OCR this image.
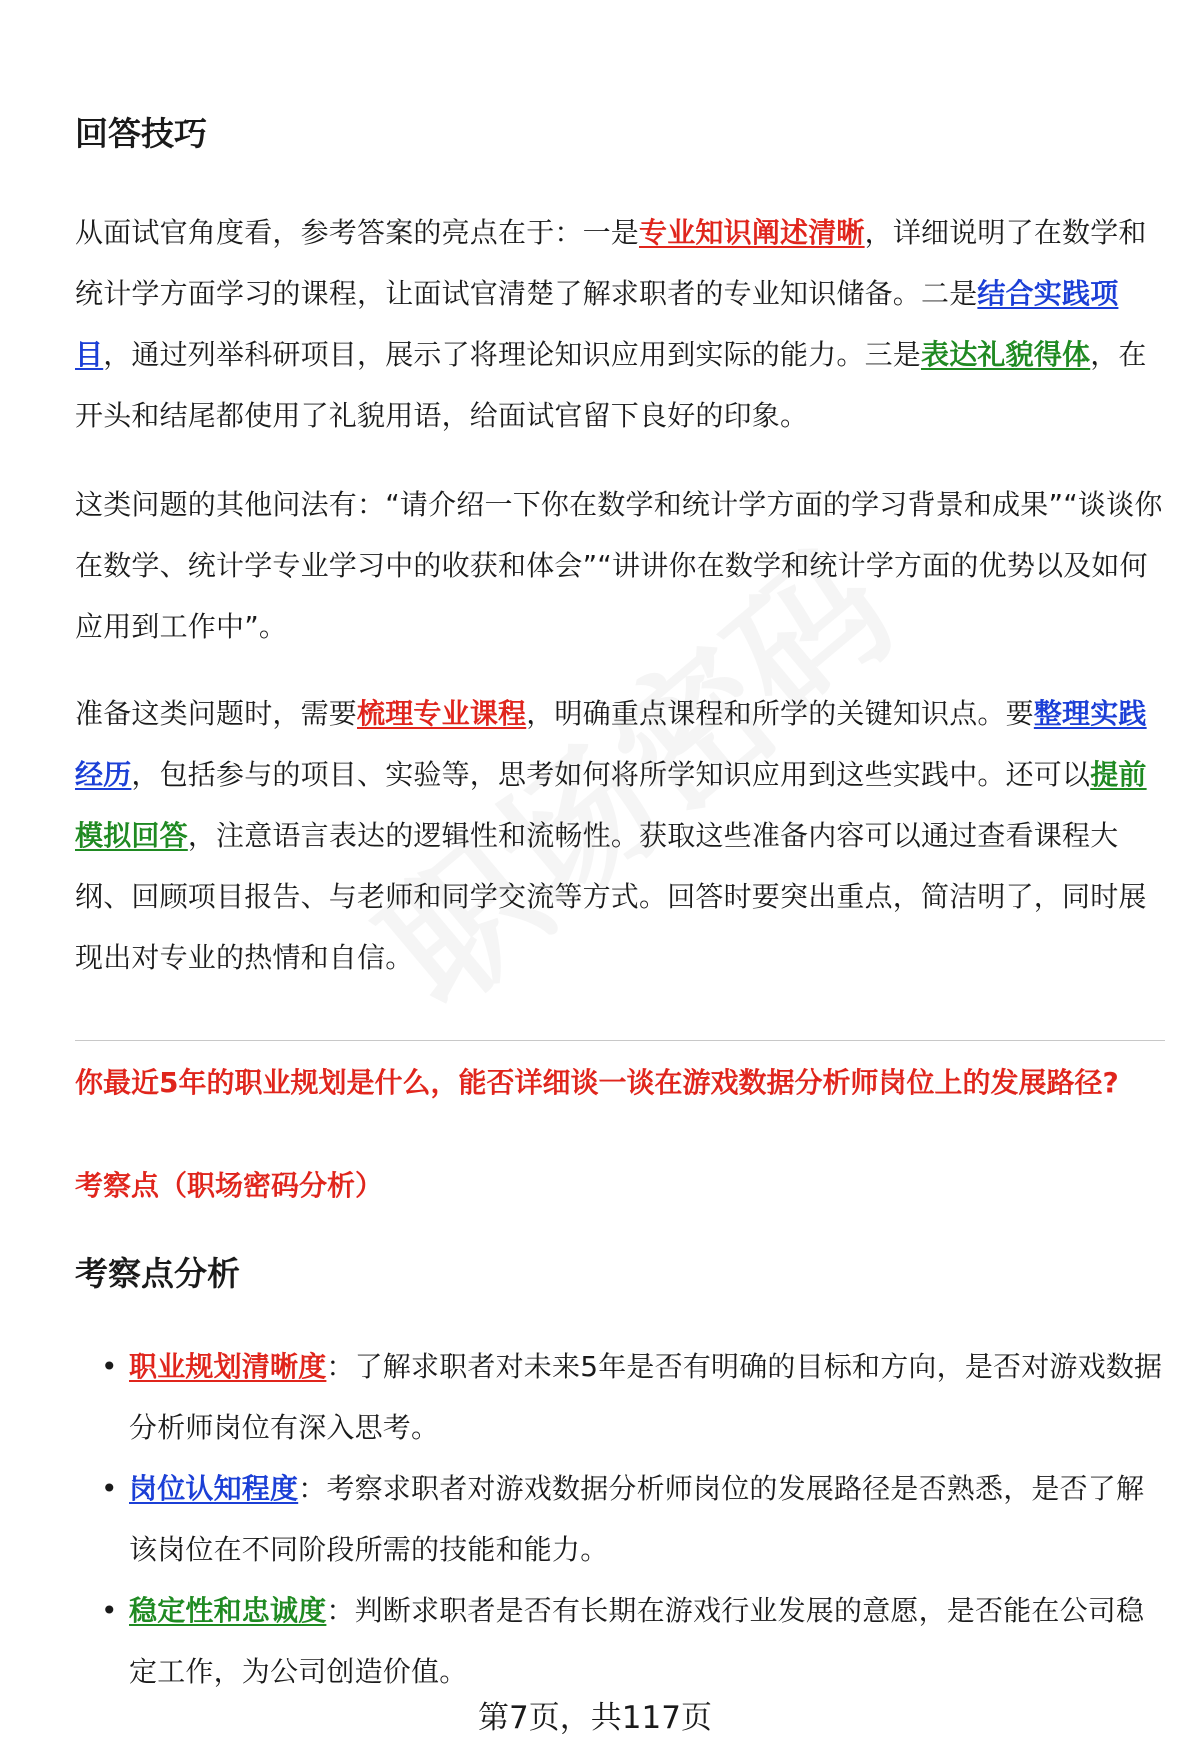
回答技巧

从面试官角度看，参考答案的亮点在于：一是专业知识阐述清晰，详细说明了在数学和统计学方面学习的课程，让面试官清楚了解求职者的专业知识储备。二是结合实践项目，通过列举科研项目，展示了将理论知识应用到实际的能力。三是表达礼貌得体，在开头和结尾都使用了礼貌用语，给面试官留下良好的印象。

这类问题的其他问法有：“请介绍一下你在数学和统计学方面的学习背景和成果”“谈谈你在数学、统计学专业学习中的收获和体会”“讲讲你在数学和统计学方面的优势以及如何应用到工作中”。

准备这类问题时，需要梳理专业课程，明确重点课程和所学的关键知识点。要整理实践经历，包括参与的项目、实验等，思考如何将所学知识应用到这些实践中。还可以提前模拟回答，注意语言表达的逻辑性和流畅性。获取这些准备内容可以通过查看课程大纲、回顾项目报告、与老师和同学交流等方式。回答时要突出重点，简洁明了，同时展现出对专业的热情和自信。

你最近5年的职业规划是什么，能否详细谈一谈在游戏数据分析师岗位上的发展路径?

考察点（职场密码分析）

考察点分析
• 职业规划清晰度：了解求职者对未来5年是否有明确的目标和方向，是否对游戏数据分析师岗位有深入思考。
• 岗位认知程度：考察求职者对游戏数据分析师岗位的发展路径是否熟悉，是否了解该岗位在不同阶段所需的技能和能力。
• 稳定性和忠诚度：判断求职者是否有长期在游戏行业发展的意愿，是否能在公司稳定工作，为公司创造价值。
第7页，共117页
